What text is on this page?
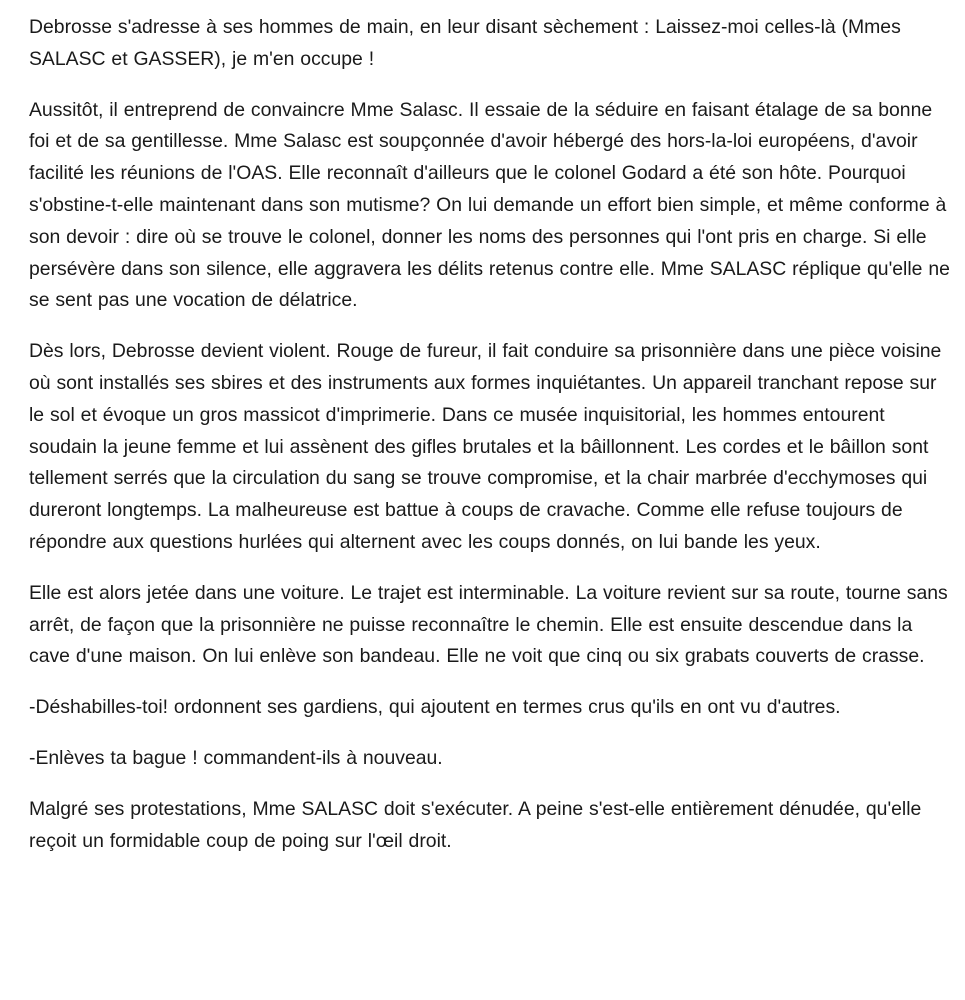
Debrosse s'adresse à ses hommes de main, en leur disant sèchement : Laissez-moi celles-là (Mmes SALASC et GASSER), je m'en occupe !

Aussitôt, il entreprend de convaincre Mme Salasc. Il essaie de la séduire en faisant étalage de sa bonne foi et de sa gentillesse. Mme Salasc est soupçonnée d'avoir hébergé des hors-la-loi européens, d'avoir facilité les réunions de l'OAS. Elle reconnaît d'ailleurs que le colonel Godard a été son hôte. Pourquoi s'obstine-t-elle maintenant dans son mutisme? On lui demande un effort bien simple, et même conforme à son devoir : dire où se trouve le colonel, donner les noms des personnes qui l'ont pris en charge. Si elle persévère dans son silence, elle aggravera les délits retenus contre elle. Mme SALASC réplique qu'elle ne se sent pas une vocation de délatrice.

Dès lors, Debrosse devient violent. Rouge de fureur, il fait conduire sa prisonnière dans une pièce voisine où sont installés ses sbires et des instruments aux formes inquiétantes. Un appareil tranchant repose sur le sol et évoque un gros massicot d'imprimerie. Dans ce musée inquisitorial, les hommes entourent soudain la jeune femme et lui assènent des gifles brutales et la bâillonnent. Les cordes et le bâillon sont tellement serrés que la circulation du sang se trouve compromise, et la chair marbrée d'ecchymoses qui dureront longtemps. La malheureuse est battue à coups de cravache. Comme elle refuse toujours de répondre aux questions hurlées qui alternent avec les coups donnés, on lui bande les yeux.

Elle est alors jetée dans une voiture. Le trajet est interminable. La voiture revient sur sa route, tourne sans arrêt, de façon que la prisonnière ne puisse reconnaître le chemin. Elle est ensuite descendue dans la cave d'une maison. On lui enlève son bandeau. Elle ne voit que cinq ou six grabats couverts de crasse.

-Déshabilles-toi! ordonnent ses gardiens, qui ajoutent en termes crus qu'ils en ont vu d'autres.

-Enlèves ta bague ! commandent-ils à nouveau.

Malgré ses protestations, Mme SALASC doit s'exécuter. A peine s'est-elle entièrement dénudée, qu'elle reçoit un formidable coup de poing sur l'œil droit.
